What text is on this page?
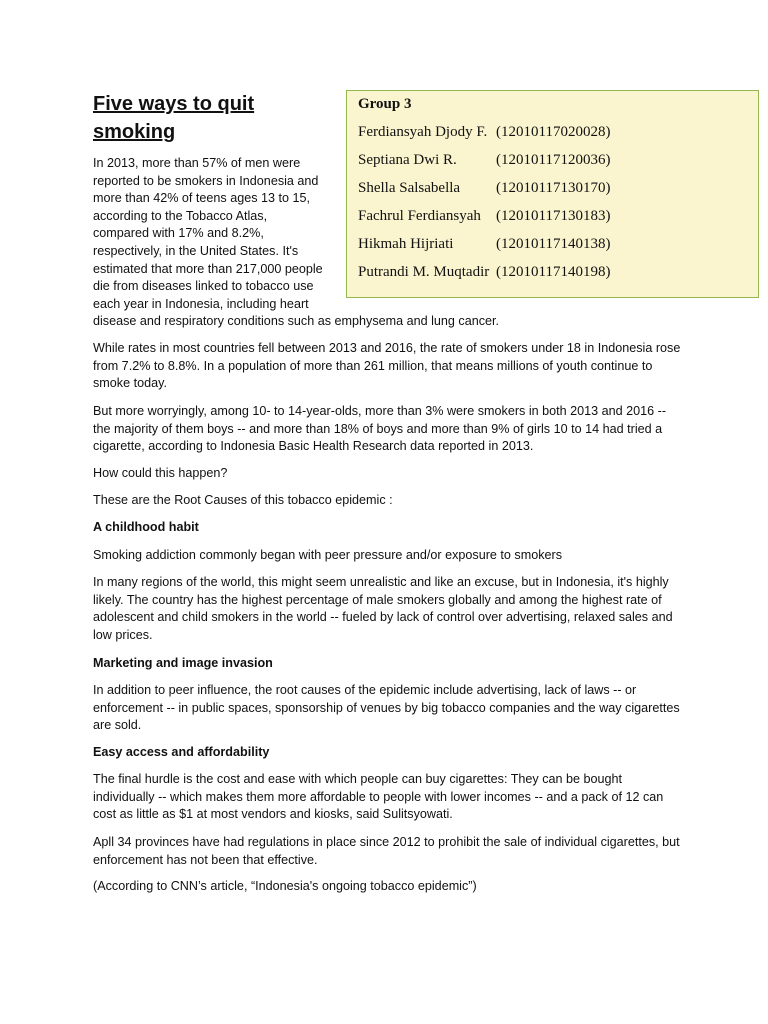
Five ways to quit smoking
Group 3
Ferdiansyah Djody F. (12010117020028)
Septiana Dwi R.	(12010117120036)
Shella Salsabella (12010117130170)
Fachrul Ferdiansyah (12010117130183)
Hikmah Hijriati	(12010117140138)
Putrandi M. Muqtadir (12010117140198)
In 2013, more than 57% of men were
reported to be smokers in Indonesia and
more than 42% of teens ages 13 to 15,
according to the Tobacco Atlas,
compared with 17% and 8.2%,
respectively, in the United States. It's
estimated that more than 217,000 people
die from diseases linked to tobacco use
each year in Indonesia, including heart
disease and respiratory conditions such as emphysema and lung cancer.

While rates in most countries fell between 2013 and 2016, the rate of smokers under 18 in Indonesia rose from 7.2% to 8.8%. In a population of more than 261 million, that means millions of youth continue to smoke today.

But more worryingly, among 10- to 14-year-olds, more than 3% were smokers in both 2013 and 2016 -- the majority of them boys -- and more than 18% of boys and more than 9% of girls 10 to 14 had tried a cigarette, according to Indonesia Basic Health Research data reported in 2013.

How could this happen?

These are the Root Causes of this tobacco epidemic :

A childhood habit

Smoking addiction commonly began with peer pressure and/or exposure to smokers

In many regions of the world, this might seem unrealistic and like an excuse, but in Indonesia, it's highly likely. The country has the highest percentage of male smokers globally and among the highest rate of adolescent and child smokers in the world -- fueled by lack of control over advertising, relaxed sales and low prices.

Marketing and image invasion

In addition to peer influence, the root causes of the epidemic include advertising, lack of laws -- or enforcement -- in public spaces, sponsorship of venues by big tobacco companies and the way cigarettes are sold.

Easy access and affordability

The final hurdle is the cost and ease with which people can buy cigarettes: They can be bought individually -- which makes them more affordable to people with lower incomes -- and a pack of 12 can cost as little as $1 at most vendors and kiosks, said Sulitsyowati.

Apll 34 provinces have had regulations in place since 2012 to prohibit the sale of individual cigarettes, but enforcement has not been that effective.

(According to CNN’s article, “Indonesia's ongoing tobacco epidemic”)
